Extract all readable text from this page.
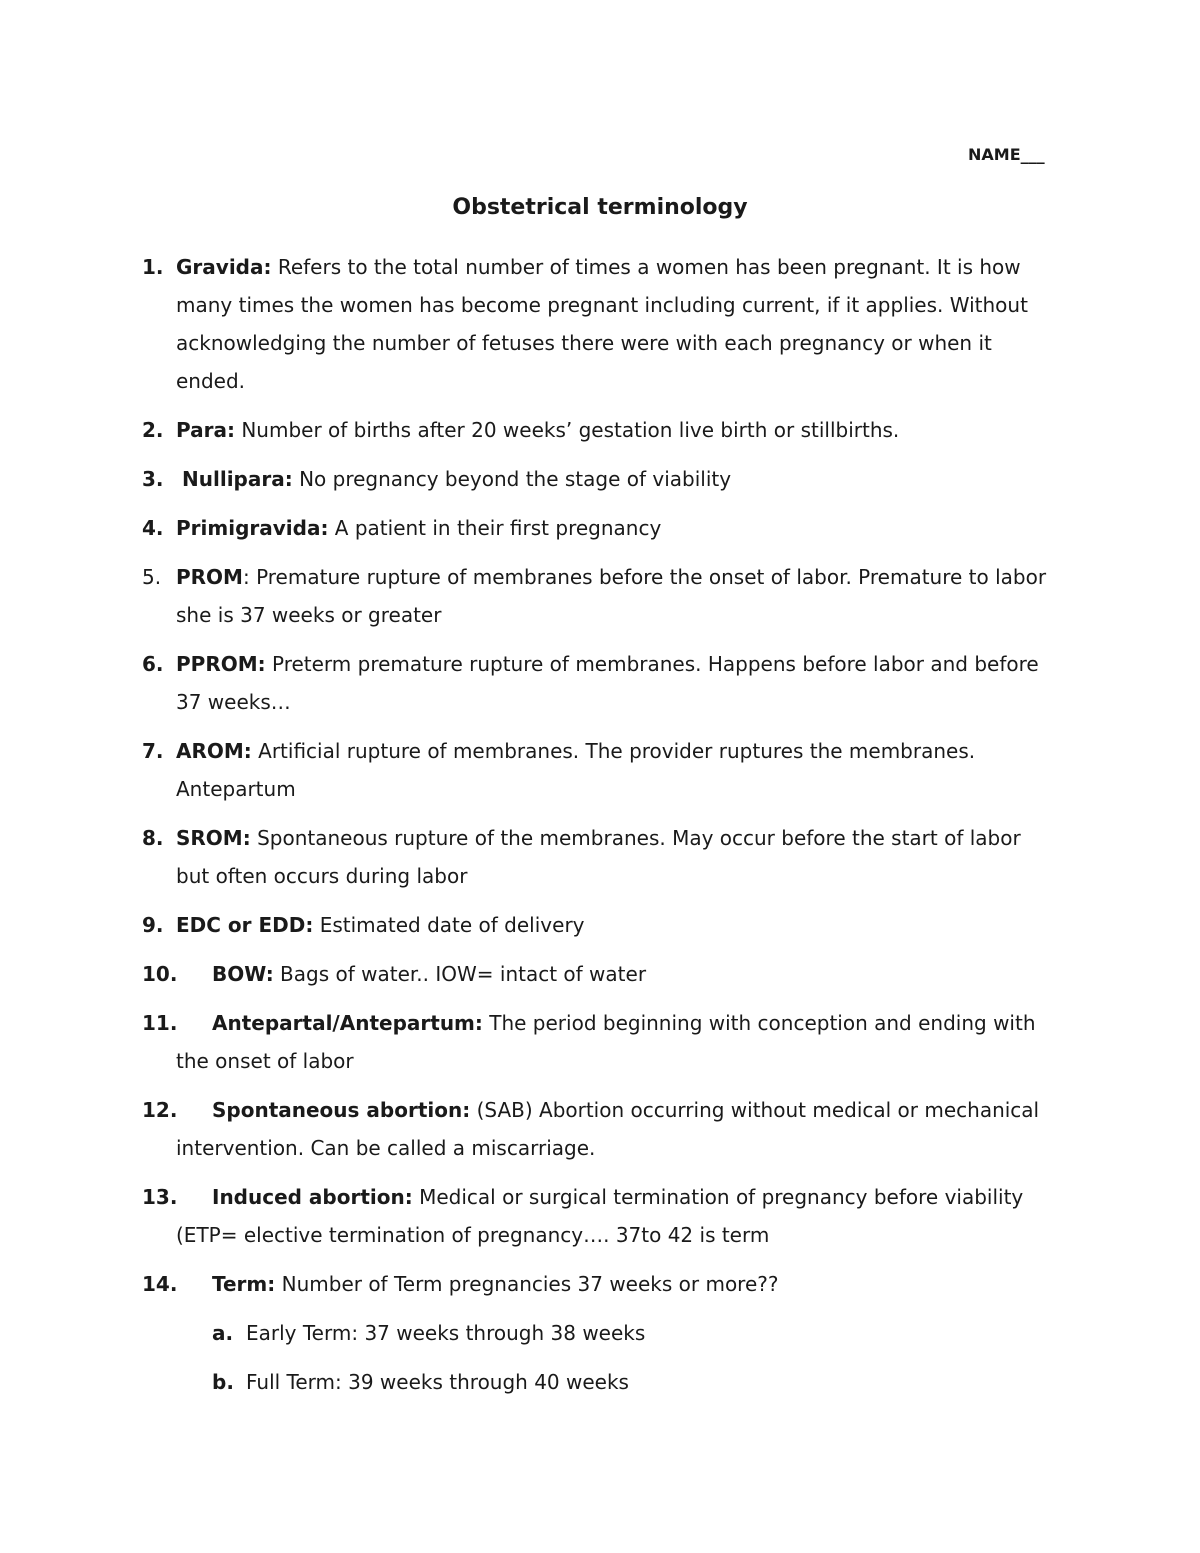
NAME___
Obstetrical terminology
1. Gravida: Refers to the total number of times a women has been pregnant. It is how many times the women has become pregnant including current, if it applies. Without acknowledging the number of fetuses there were with each pregnancy or when it ended.
2. Para: Number of births after 20 weeks’ gestation live birth or stillbirths.
3. Nullipara: No pregnancy beyond the stage of viability
4. Primigravida: A patient in their first pregnancy
5. PROM: Premature rupture of membranes before the onset of labor. Premature to labor she is 37 weeks or greater
6. PPROM: Preterm premature rupture of membranes. Happens before labor and before 37 weeks…
7. AROM: Artificial rupture of membranes. The provider ruptures the membranes. Antepartum
8. SROM: Spontaneous rupture of the membranes. May occur before the start of labor but often occurs during labor
9. EDC or EDD: Estimated date of delivery
10. BOW: Bags of water.. IOW= intact of water
11. Antepartal/Antepartum: The period beginning with conception and ending with the onset of labor
12. Spontaneous abortion: (SAB) Abortion occurring without medical or mechanical intervention. Can be called a miscarriage.
13. Induced abortion: Medical or surgical termination of pregnancy before viability (ETP= elective termination of pregnancy…. 37to 42 is term
14. Term: Number of Term pregnancies 37 weeks or more??
a. Early Term: 37 weeks through 38 weeks
b. Full Term: 39 weeks through 40 weeks
